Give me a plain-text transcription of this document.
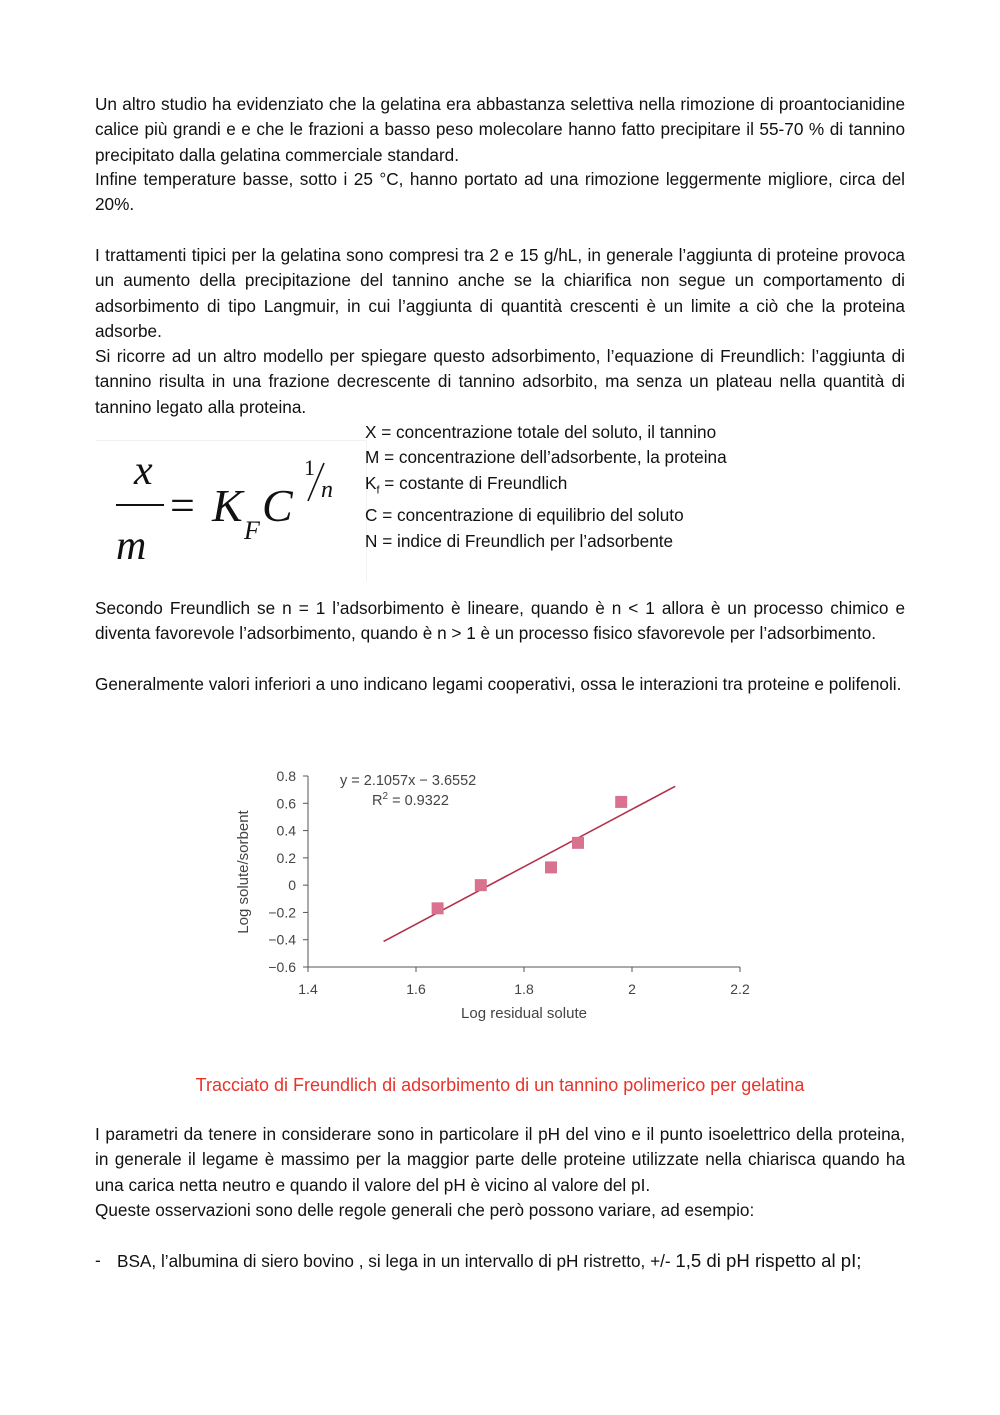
Un altro studio ha evidenziato che la gelatina era abbastanza selettiva nella rimozione di proantocianidine calice più grandi e e che le frazioni a basso peso molecolare hanno fatto precipitare il 55-70 % di tannino precipitato dalla gelatina commerciale standard.

Infine temperature basse, sotto i 25 °C, hanno portato ad una rimozione leggermente migliore, circa del 20%.

I trattamenti tipici per la gelatina sono compresi tra 2 e 15 g/hL, in generale l’aggiunta di proteine provoca un aumento della precipitazione del tannino anche se la chiarifica non segue un comportamento di adsorbimento di tipo Langmuir, in cui l’aggiunta di quantità crescenti è un limite a ciò che la proteina adsorbe.

Si ricorre ad un altro modello per spiegare questo adsorbimento, l’equazione di Freundlich: l’aggiunta di tannino risulta in una frazione decrescente di tannino adsorbito, ma senza un plateau nella quantità di tannino legato alla proteina.

x
m
= K F C
1
n
X = concentrazione totale del soluto, il tannino
M = concentrazione dell’adsorbente, la proteina
$K_f$ = costante di Freundlich
C = concentrazione di equilibrio del soluto
N = indice di Freundlich per l’adsorbente

Secondo Freundlich se n = 1 l’adsorbimento è lineare, quando è n < 1 allora è un processo chimico e diventa favorevole l’adsorbimento, quando è n > 1 è un processo fisico sfavorevole per l’adsorbimento.

Generalmente valori inferiori a uno indicano legami cooperativi, ossa le interazioni tra proteine e polifenoli.

0.8
0.6
0.4
0.2
0
−0.2
−0.4
−0.6
1.4	1.6	1.8	2	2.2
y = 2.1057x − 3.6552
$R^2 = 0.9322$
Log residual solute
Log solute/sorbent
Tracciato di Freundlich di adsorbimento di un tannino polimerico per gelatina

I parametri da tenere in considerare sono in particolare il pH del vino e il punto isoelettrico della proteina, in generale il legame è massimo per la maggior parte delle proteine utilizzate nella chiarisca quando ha una carica netta neutro e quando il valore del pH è vicino al valore del pI.

Queste osservazioni sono delle regole generali che però possono variare, ad esempio:

- BSA, l’albumina di siero bovino , si lega in un intervallo di pH ristretto, +/- 1,5 di pH rispetto al pI;
